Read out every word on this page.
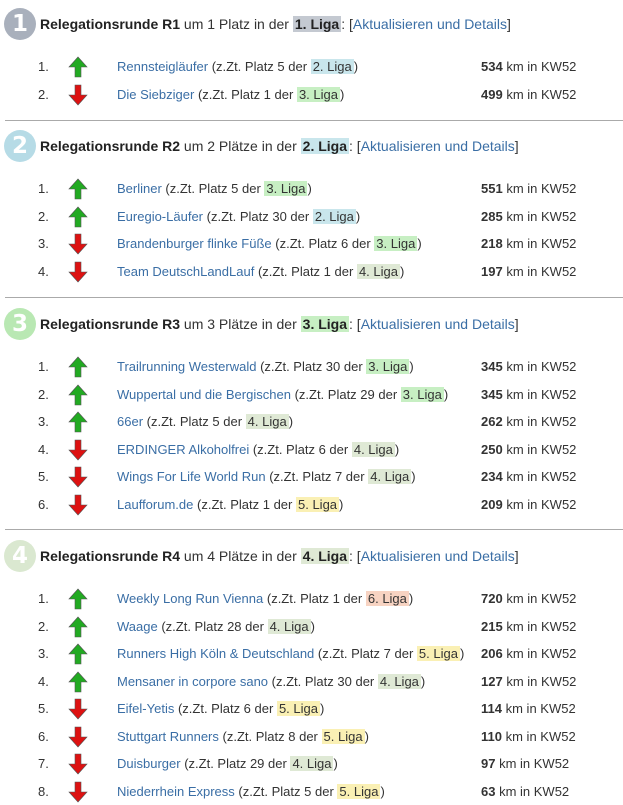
1 Relegationsrunde R1 um 1 Platz in der 1. Liga : [Aktualisieren und Details]
1.	Rennsteigläufer (z.Zt. Platz 5 der 2. Liga )	534 km in KW52
2.	Die Siebziger (z.Zt. Platz 1 der 3. Liga )	499 km in KW52
2 Relegationsrunde R2 um 2 Plätze in der 2. Liga : [Aktualisieren und Details]
1.	Berliner (z.Zt. Platz 5 der 3. Liga )	551 km in KW52
2.	Euregio-Läufer (z.Zt. Platz 30 der 2. Liga )	285 km in KW52
3.	Brandenburger flinke Füße (z.Zt. Platz 6 der 3. Liga )	218 km in KW52
4.	Team DeutschLandLauf (z.Zt. Platz 1 der 4. Liga )	197 km in KW52
3 Relegationsrunde R3 um 3 Plätze in der 3. Liga : [Aktualisieren und Details]
1.	Trailrunning Westerwald (z.Zt. Platz 30 der 3. Liga )	345 km in KW52
2.	Wuppertal und die Bergischen (z.Zt. Platz 29 der 3. Liga )	345 km in KW52
3.	66er (z.Zt. Platz 5 der 4. Liga )	262 km in KW52
4.	ERDINGER Alkoholfrei (z.Zt. Platz 6 der 4. Liga )	250 km in KW52
5.	Wings For Life World Run (z.Zt. Platz 7 der 4. Liga )	234 km in KW52
6.	Laufforum.de (z.Zt. Platz 1 der 5. Liga )	209 km in KW52
4 Relegationsrunde R4 um 4 Plätze in der 4. Liga : [Aktualisieren und Details]
1.	Weekly Long Run Vienna (z.Zt. Platz 1 der 6. Liga )	720 km in KW52
2.	Waage (z.Zt. Platz 28 der 4. Liga )	215 km in KW52
3.	Runners High Köln & Deutschland (z.Zt. Platz 7 der 5. Liga ) 206 km in KW52
4.	Mensaner in corpore sano (z.Zt. Platz 30 der 4. Liga )	127 km in KW52
5.	Eifel-Yetis (z.Zt. Platz 6 der 5. Liga )	114 km in KW52
6.	Stuttgart Runners (z.Zt. Platz 8 der 5. Liga )	110 km in KW52
7.	Duisburger (z.Zt. Platz 29 der 4. Liga )	97 km in KW52
8.	Niederrhein Express (z.Zt. Platz 5 der 5. Liga )	63 km in KW52
